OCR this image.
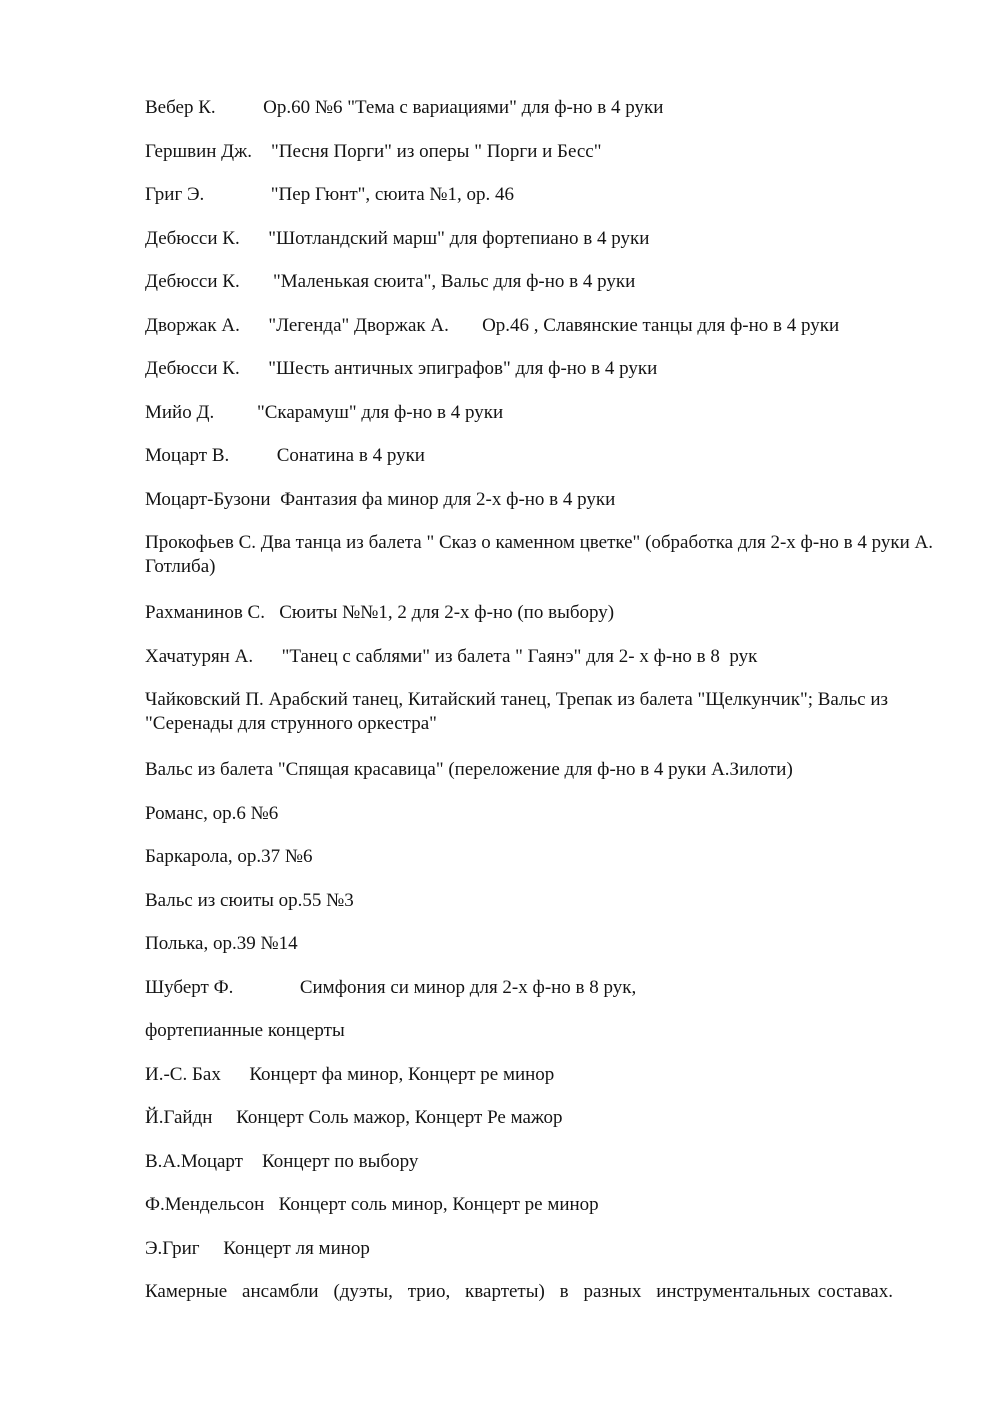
Вебер К.          Ор.60 №6 "Тема с вариациями" для ф-но в 4 руки
Гершвин Дж.    "Песня Порги" из оперы " Порги и Бесс"
Григ Э.              "Пер Гюнт", сюита №1, ор. 46
Дебюсси К.      "Шотландский марш" для фортепиано в 4 руки
Дебюсси К.       "Маленькая сюита", Вальс для ф-но в 4 руки
Дворжак А.      "Легенда" Дворжак А.       Ор.46 , Славянские танцы для ф-но в 4 руки
Дебюсси К.      "Шесть античных эпиграфов" для ф-но в 4 руки
Мийо Д.         "Скарамуш" для ф-но в 4 руки
Моцарт В.          Сонатина в 4 руки
Моцарт-Бузони  Фантазия фа минор для 2-х ф-но в 4 руки
Прокофьев С. Два танца из балета " Сказ о каменном цветке" (обработка для 2-х ф-но в 4 руки А. Готлиба)
Рахманинов С.   Сюиты №№1, 2 для 2-х ф-но (по выбору)
Хачатурян А.      "Танец с саблями" из балета " Гаянэ" для 2- х ф-но в 8  рук
Чайковский П. Арабский танец, Китайский танец, Трепак из балета "Щелкунчик"; Вальс из "Серенады для струнного оркестра"
Вальс из балета "Спящая красавица" (переложение для ф-но в 4 руки А.Зилоти)
Романс, ор.6 №6
Баркарола, ор.37 №6
Вальс из сюиты ор.55 №3
Полька, ор.39 №14
Шуберт Ф.              Симфония си минор для 2-х ф-но в 8 рук,
фортепианные концерты
И.-С. Бах      Концерт фа минор, Концерт ре минор
Й.Гайдн     Концерт Соль мажор, Концерт Ре мажор
В.А.Моцарт    Концерт по выбору
Ф.Мендельсон   Концерт соль минор, Концерт ре минор
Э.Григ     Концерт ля минор
Камерные  ансамбли  (дуэты,  трио,  квартеты)  в  разных  инструментальных составах.
